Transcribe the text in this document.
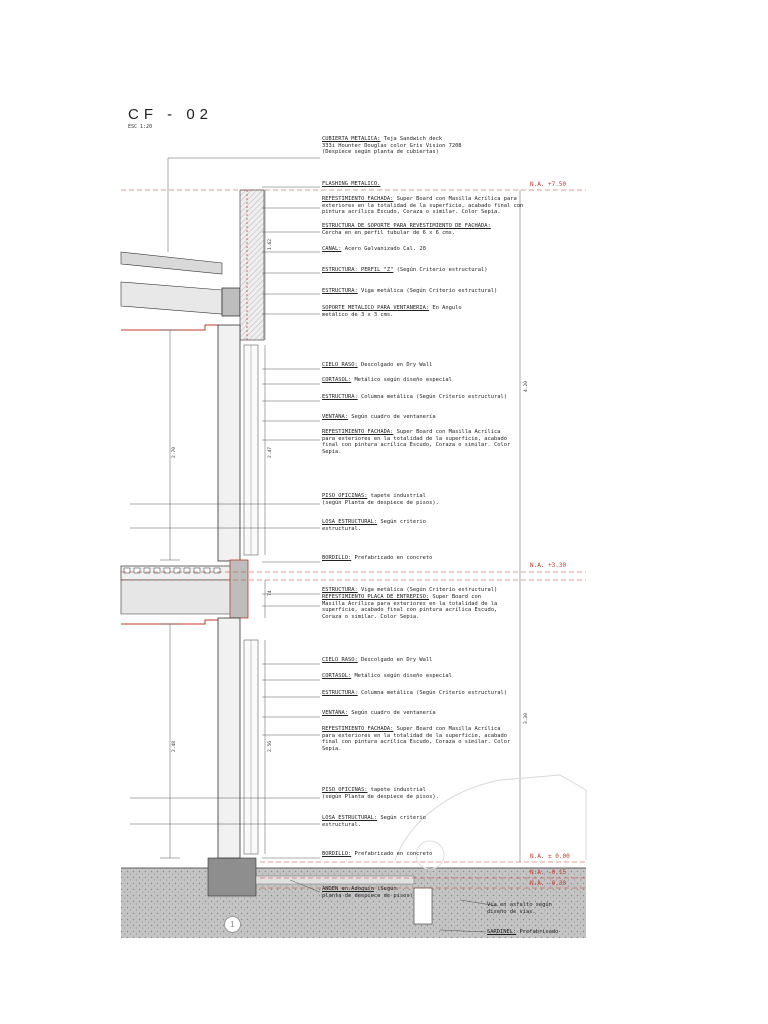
CF - 02
ESC 1:20
N.A. +7.50
N.A. +3.30
N.A. ± 0.00
N.A. -0.15
N.A. -0.30
4.20
3.30
2.70	2.47
1.62
74
2.48	2.56
CUBIERTA METALICA: Teja Sandwich deck
333i Hounter Douglas color Gris Vision 7208
(Despiece según planta de cubiertas)
FLASHING METALICO.
REFESTIMIENTO FACHADA: Super Board con Masilla Acrílica para
exteriores en la totalidad de la superficie, acabado final con
pintura acrílica Escudo, Coraza o similar. Color Sepia.
ESTRUCTURA DE SOPORTE PARA REVESTIMIENTO DE FACHADA:
Cercha en en perfil tubular de 6 x 6 cms.
CANAL: Acero Galvanizado Cal. 20
ESTRUCTURA: PERFIL "Z" (Según Criterio estructural)
ESTRUCTURA: Viga metálica (Según Criterio estructural)
SOPORTE METALICO PARA VENTANERIA: En Angulo
metálico de 3 x 3 cms.
CIELO RASO: Descolgado en Dry Wall
CORTASOL: Metálico según diseño especial
ESTRUCTURA: Columna metálica (Según Criterio estructural)
VENTANA: Según cuadro de ventanería
REFESTIMIENTO FACHADA: Super Board con Masilla Acrílica
para exteriores en la totalidad de la superficie, acabado
final con pintura acrílica Escudo, Coraza o similar. Color
Sepia.
PISO OFICINAS: tapete industrial
(según Planta de despiece de pisos).
LOSA ESTRUCTURAL: Según criterio
estructural.
BORDILLO: Prefabricado en concreto
ESTRUCTURA: Viga metálica (Según Criterio estructural)
REFESTIMIENTO PLACA DE ENTREPISO: Super Board con
Masilla Acrílica para exteriores en la totalidad de la
superficie, acabado final con pintura acrílica Escudo,
Coraza o similar. Color Sepia.
CIELO RASO: Descolgado en Dry Wall
CORTASOL: Metálico según diseño especial
ESTRUCTURA: Columna metálica (Según Criterio estructural)
VENTANA: Según cuadro de ventanería
REFESTIMIENTO FACHADA: Super Board con Masilla Acrílica
para exteriores en la totalidad de la superficie, acabado
final con pintura acrílica Escudo, Coraza o similar. Color
Sepia.
PISO OFICINAS: tapete industrial
(según Planta de despiece de pisos).
LOSA ESTRUCTURAL: Según criterio
estructural.
BORDILLO: Prefabricado en concreto
ANDEN en Adoquín (Según
planta de despiece de pisos)
Vía en asfalto según
diseño de vías.
SARDINEL: Prefabricado
1
